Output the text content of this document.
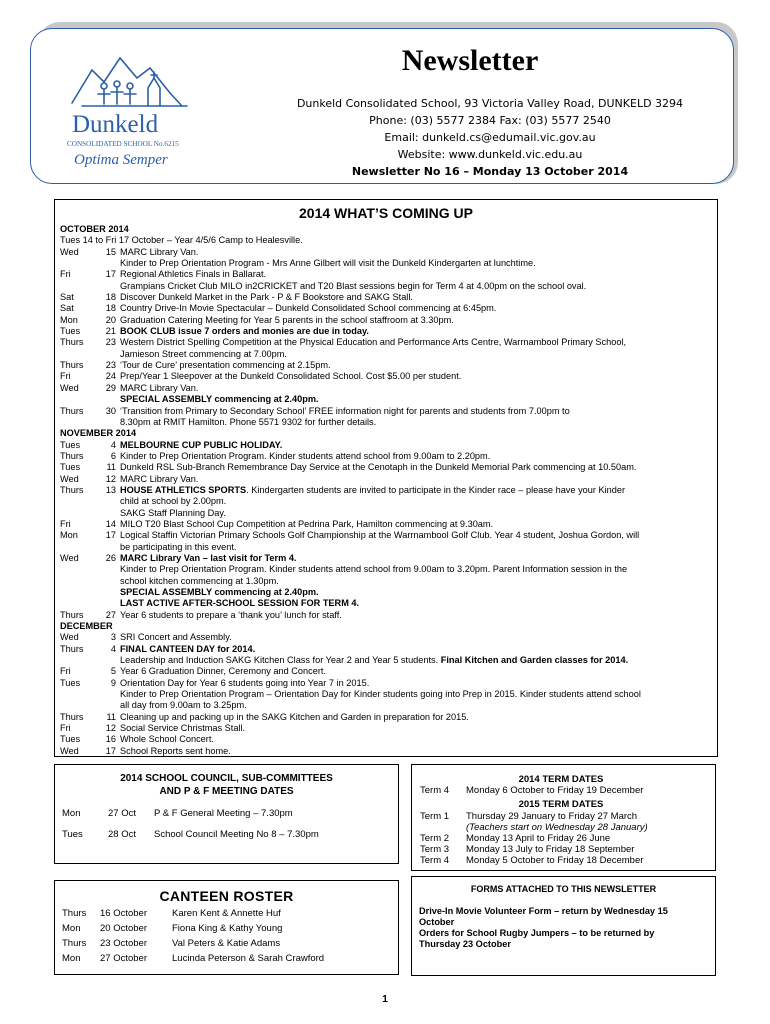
Dunkeld
CONSOLIDATED SCHOOL No.6215
Optima Semper
Newsletter
Dunkeld Consolidated School, 93 Victoria Valley Road, DUNKELD 3294
Phone: (03) 5577 2384 Fax: (03) 5577 2540
Email: dunkeld.cs@edumail.vic.gov.au
Website: www.dunkeld.vic.edu.au
Newsletter No 16 – Monday 13 October 2014
2014 WHAT’S COMING UP
OCTOBER 2014
Tues 14 to Fri 17 October – Year 4/5/6 Camp to Healesville.
Wed	15 MARC Library Van.
Kinder to Prep Orientation Program - Mrs Anne Gilbert will visit the Dunkeld Kindergarten at lunchtime.
Fri	17 Regional Athletics Finals in Ballarat.
Grampians Cricket Club MILO in2CRICKET and T20 Blast sessions begin for Term 4 at 4.00pm on the school oval.
Sat	18 Discover Dunkeld Market in the Park - P & F Bookstore and SAKG Stall.
Sat	18 Country Drive-In Movie Spectacular – Dunkeld Consolidated School commencing at 6:45pm.
Mon	20 Graduation Catering Meeting for Year 5 parents in the school staffroom at 3.30pm.
Tues	21 BOOK CLUB issue 7 orders and monies are due in today.
Thurs	23 Western District Spelling Competition at the Physical Education and Performance Arts Centre, Warrnambool Primary School,
Jamieson Street commencing at 7.00pm.
Thurs	23 ‘Tour de Cure’ presentation commencing at 2.15pm.
Fri	24 Prep/Year 1 Sleepover at the Dunkeld Consolidated School. Cost $5.00 per student.
Wed	29 MARC Library Van.
SPECIAL ASSEMBLY commencing at 2.40pm.
Thurs	30 ‘Transition from Primary to Secondary School’ FREE information night for parents and students from 7.00pm to
8.30pm at RMIT Hamilton. Phone 5571 9302 for further details.
NOVEMBER 2014
Tues	4 MELBOURNE CUP PUBLIC HOLIDAY.
Thurs	6 Kinder to Prep Orientation Program. Kinder students attend school from 9.00am to 2.20pm.
Tues	11 Dunkeld RSL Sub-Branch Remembrance Day Service at the Cenotaph in the Dunkeld Memorial Park commencing at 10.50am.
Wed	12 MARC Library Van.
Thurs	13 HOUSE ATHLETICS SPORTS. Kindergarten students are invited to participate in the Kinder race – please have your Kinder
child at school by 2.00pm.
SAKG Staff Planning Day.
Fri	14 MILO T20 Blast School Cup Competition at Pedrina Park, Hamilton commencing at 9.30am.
Mon	17 Logical Staffin Victorian Primary Schools Golf Championship at the Warrnambool Golf Club. Year 4 student, Joshua Gordon, will
be participating in this event.
Wed	26 MARC Library Van – last visit for Term 4.
Kinder to Prep Orientation Program. Kinder students attend school from 9.00am to 3.20pm. Parent Information session in the
school kitchen commencing at 1.30pm.
SPECIAL ASSEMBLY commencing at 2.40pm.
LAST ACTIVE AFTER-SCHOOL SESSION FOR TERM 4.
Thurs	27 Year 6 students to prepare a ‘thank you’ lunch for staff.
DECEMBER
Wed	3 SRI Concert and Assembly.
Thurs	4 FINAL CANTEEN DAY for 2014.
Leadership and Induction SAKG Kitchen Class for Year 2 and Year 5 students. Final Kitchen and Garden classes for 2014.
Fri	5 Year 6 Graduation Dinner, Ceremony and Concert.
Tues	9 Orientation Day for Year 6 students going into Year 7 in 2015.
Kinder to Prep Orientation Program – Orientation Day for Kinder students going into Prep in 2015. Kinder students attend school
all day from 9.00am to 3.25pm.
Thurs	11 Cleaning up and packing up in the SAKG Kitchen and Garden in preparation for 2015.
Fri	12 Social Service Christmas Stall.
Tues	16 Whole School Concert.
Wed	17 School Reports sent home.
2014 SCHOOL COUNCIL, SUB-COMMITTEES
AND P & F MEETING DATES
Mon	27 Oct P & F General Meeting – 7.30pm
Tues	28 Oct School Council Meeting No 8 – 7.30pm
2014 TERM DATES
Term 4 Monday 6 October to Friday 19 December
2015 TERM DATES
Term 1 Thursday 29 January to Friday 27 March
(Teachers start on Wednesday 28 January)
Term 2 Monday 13 April to Friday 26 June
Term 3 Monday 13 July to Friday 18 September
Term 4 Monday 5 October to Friday 18 December
CANTEEN ROSTER
Thurs 16 October	Karen Kent & Annette Huf
Mon 20 October	Fiona King & Kathy Young
Thurs 23 October	Val Peters & Katie Adams
Mon 27 October	Lucinda Peterson & Sarah Crawford
FORMS ATTACHED TO THIS NEWSLETTER
Drive-In Movie Volunteer Form – return by Wednesday 15
October
Orders for School Rugby Jumpers – to be returned by
Thursday 23 October
1
